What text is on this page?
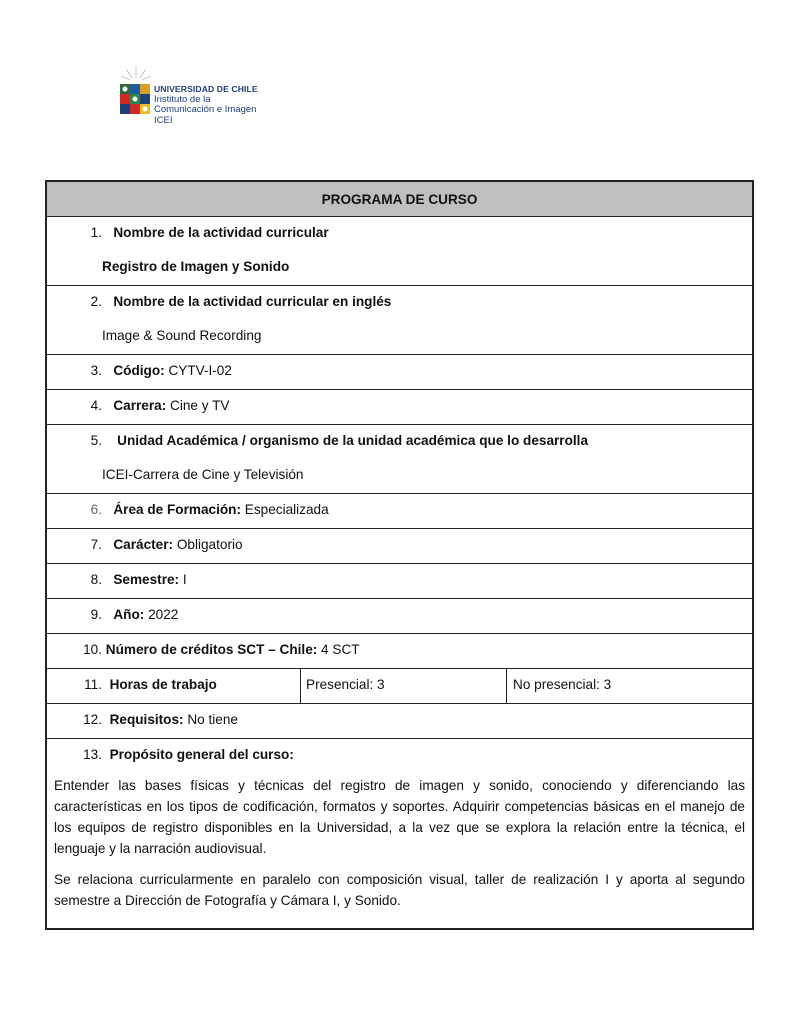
UNIVERSIDAD DE CHILE
Instituto de la
Comunicación e Imagen
ICEI
PROGRAMA DE CURSO
1. Nombre de la actividad curricular
Registro de Imagen y Sonido
2. Nombre de la actividad curricular en inglés
Image & Sound Recording
3. Código: CYTV-I-02
4. Carrera: Cine y TV
5.    Unidad Académica / organismo de la unidad académica que lo desarrolla
ICEI-Carrera de Cine y Televisión
6. Área de Formación: Especializada
7. Carácter: Obligatorio
8. Semestre: I
9. Año: 2022
10. Número de créditos SCT – Chile: 4 SCT
11. Horas de trabajo	Presencial: 3	No presencial: 3
12. Requisitos: No tiene
13. Propósito general del curso:
Entender las bases físicas y técnicas del registro de imagen y sonido, conociendo y diferenciando las características en los tipos de codificación, formatos y soportes. Adquirir competencias básicas en el manejo de los equipos de registro disponibles en la Universidad, a la vez que se explora la relación entre la técnica, el lenguaje y la narración audiovisual.
Se relaciona curricularmente en paralelo con composición visual, taller de realización I y aporta al segundo semestre a Dirección de Fotografía y Cámara I, y Sonido.
